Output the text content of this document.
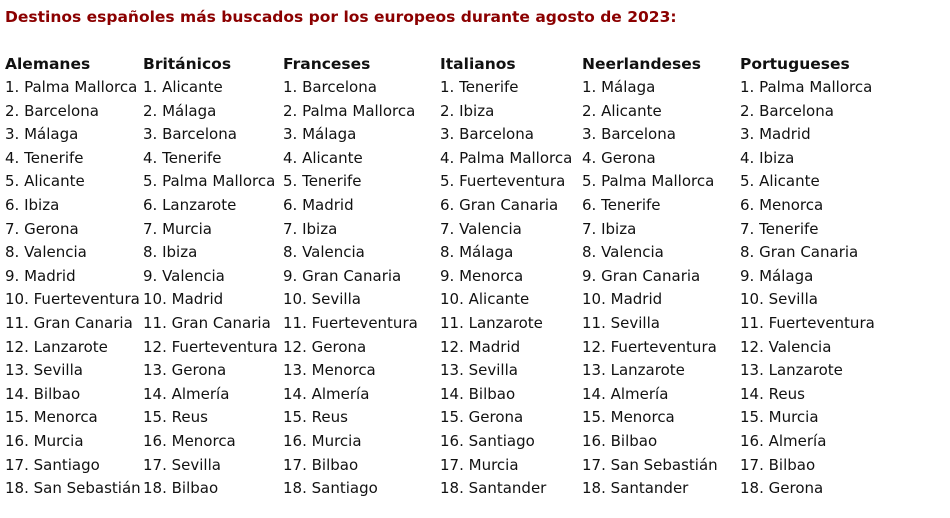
Destinos españoles más buscados por los europeos durante agosto de 2023:
Alemanes
1. Palma Mallorca
2. Barcelona
3. Málaga
4. Tenerife
5. Alicante
6. Ibiza
7. Gerona
8. Valencia
9. Madrid
10. Fuerteventura
11. Gran Canaria
12. Lanzarote
13. Sevilla
14. Bilbao
15. Menorca
16. Murcia
17. Santiago
18. San Sebastián
Británicos
1. Alicante
2. Málaga
3. Barcelona
4. Tenerife
5. Palma Mallorca
6. Lanzarote
7. Murcia
8. Ibiza
9. Valencia
10. Madrid
11. Gran Canaria
12. Fuerteventura
13. Gerona
14. Almería
15. Reus
16. Menorca
17. Sevilla
18. Bilbao
Franceses
1. Barcelona
2. Palma Mallorca
3. Málaga
4. Alicante
5. Tenerife
6. Madrid
7. Ibiza
8. Valencia
9. Gran Canaria
10. Sevilla
11. Fuerteventura
12. Gerona
13. Menorca
14. Almería
15. Reus
16. Murcia
17. Bilbao
18. Santiago
Italianos
1. Tenerife
2. Ibiza
3. Barcelona
4. Palma Mallorca
5. Fuerteventura
6. Gran Canaria
7. Valencia
8. Málaga
9. Menorca
10. Alicante
11. Lanzarote
12. Madrid
13. Sevilla
14. Bilbao
15. Gerona
16. Santiago
17. Murcia
18. Santander
Neerlandeses
1. Málaga
2. Alicante
3. Barcelona
4. Gerona
5. Palma Mallorca
6. Tenerife
7. Ibiza
8. Valencia
9. Gran Canaria
10. Madrid
11. Sevilla
12. Fuerteventura
13. Lanzarote
14. Almería
15. Menorca
16. Bilbao
17. San Sebastián
18. Santander
Portugueses
1. Palma Mallorca
2. Barcelona
3. Madrid
4. Ibiza
5. Alicante
6. Menorca
7. Tenerife
8. Gran Canaria
9. Málaga
10. Sevilla
11. Fuerteventura
12. Valencia
13. Lanzarote
14. Reus
15. Murcia
16. Almería
17. Bilbao
18. Gerona
